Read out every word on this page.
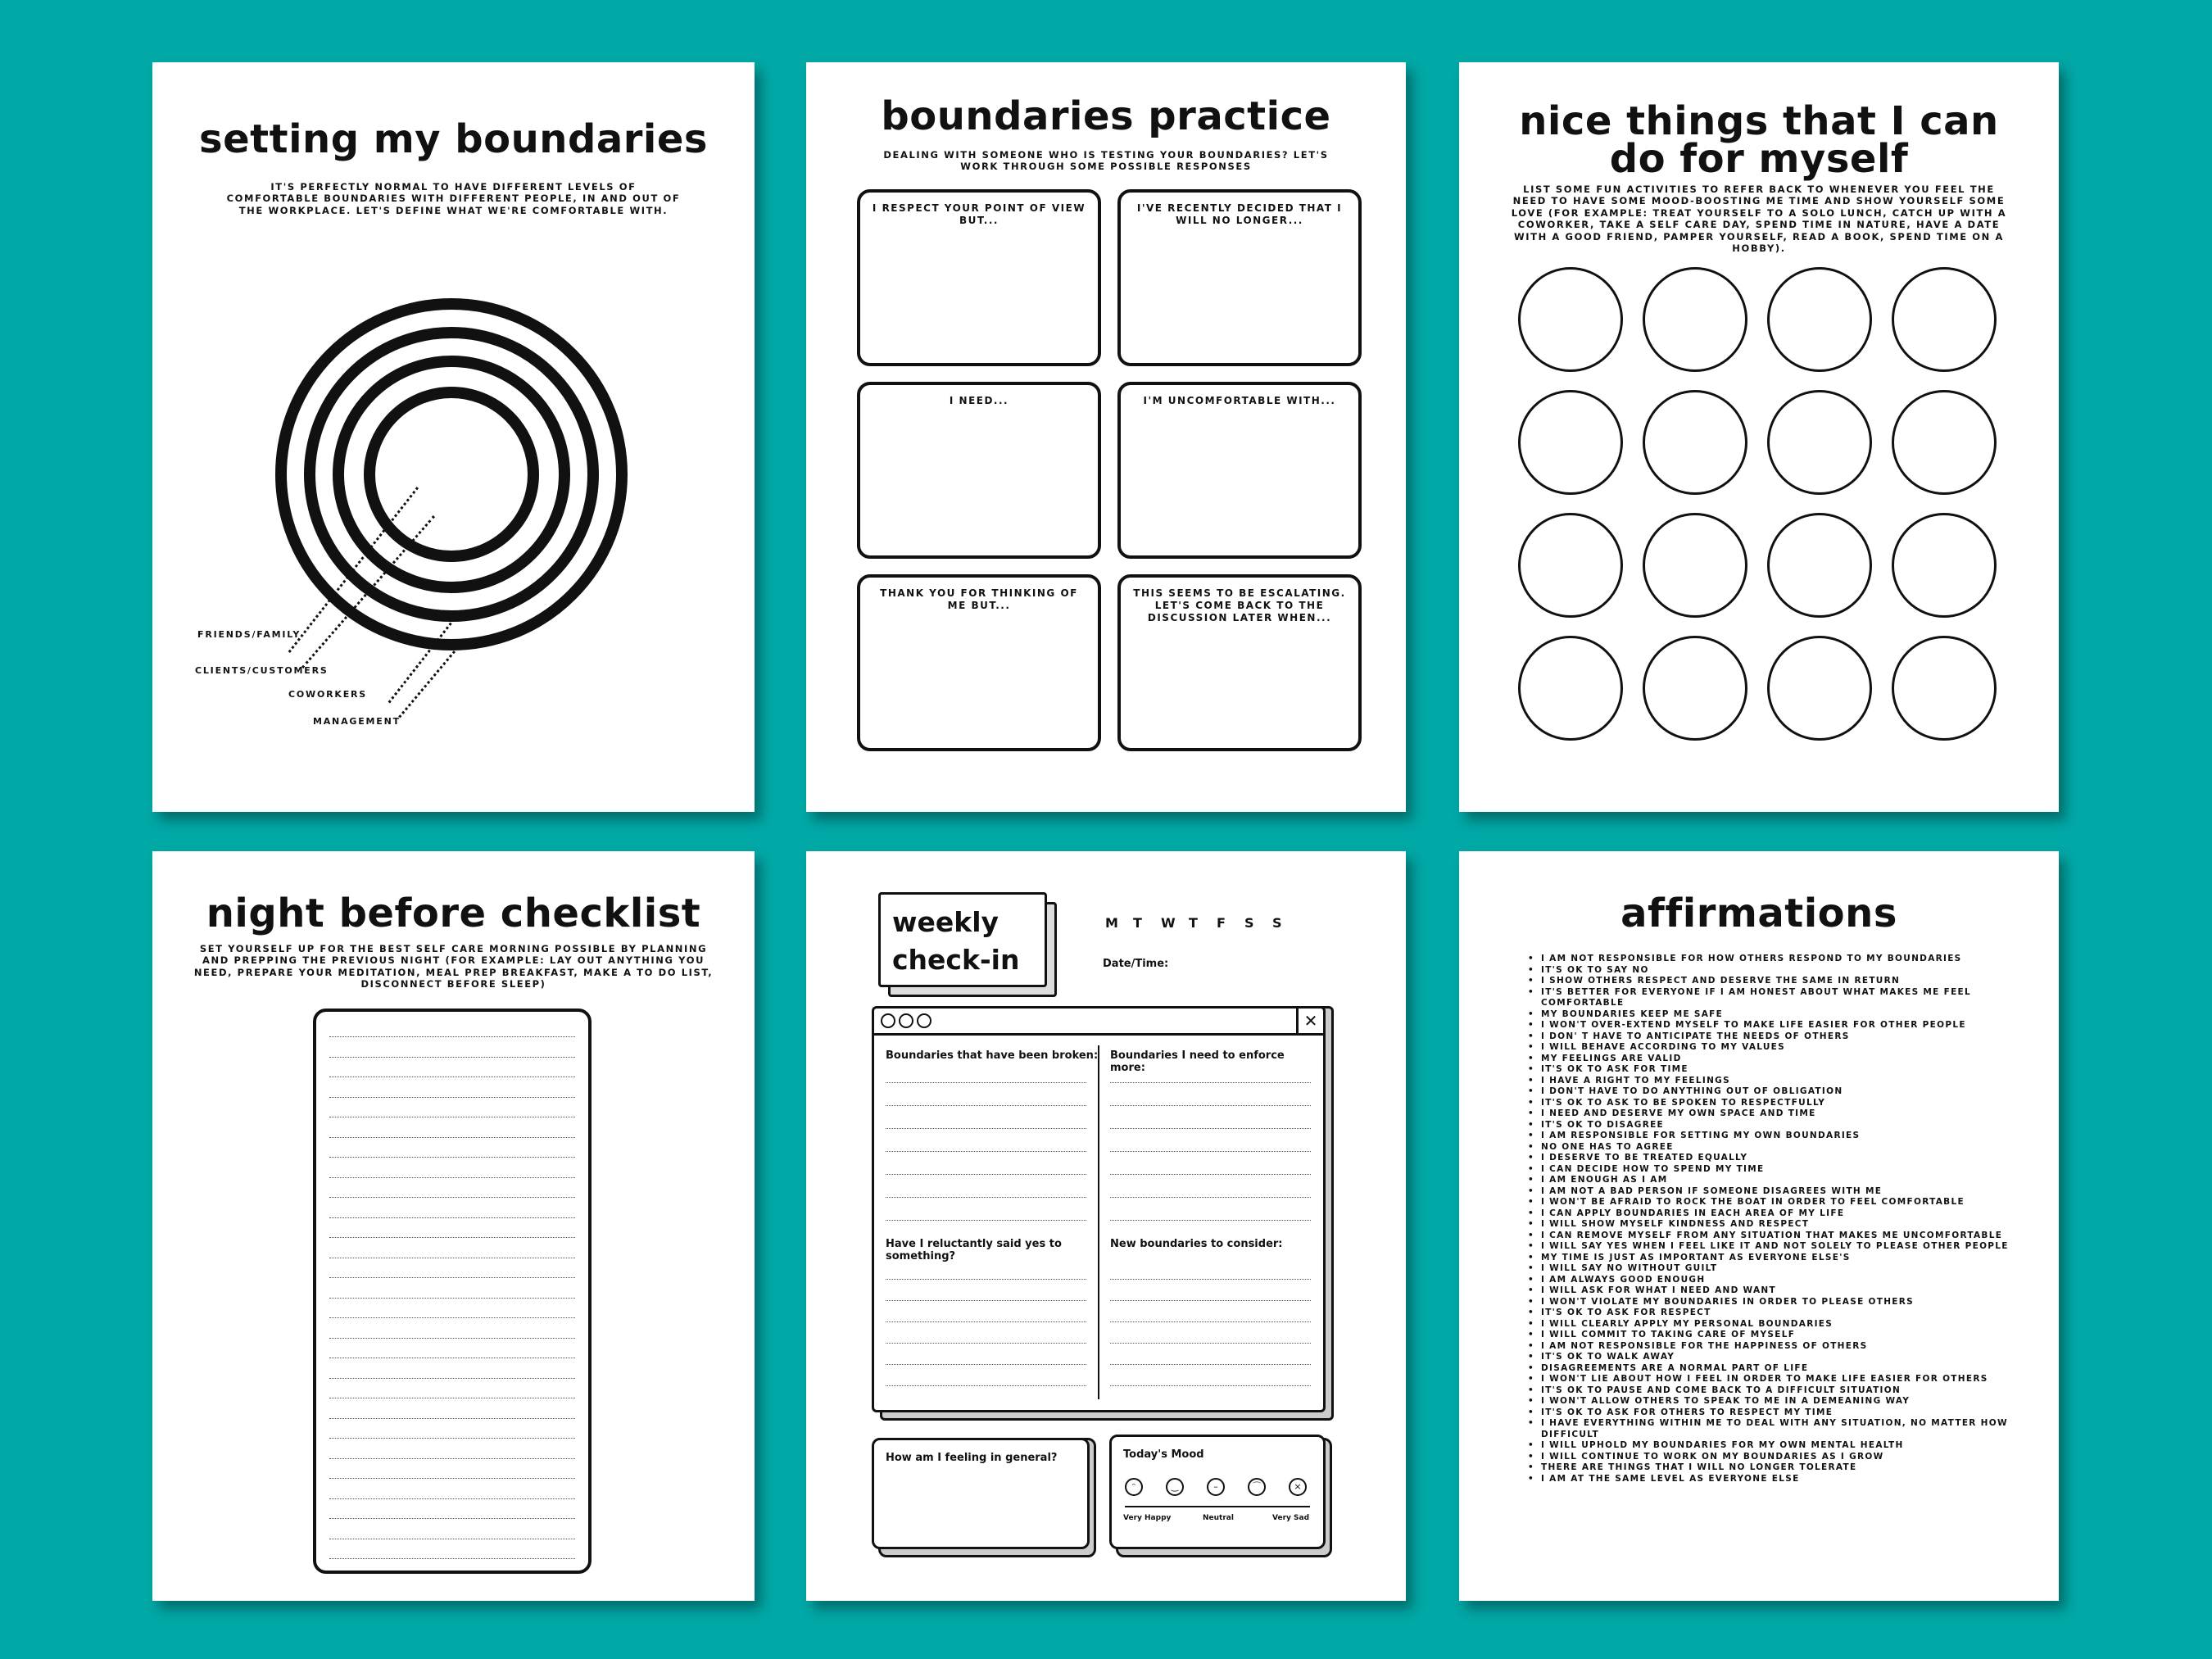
setting my boundaries
IT'S PERFECTLY NORMAL TO HAVE DIFFERENT LEVELS OF COMFORTABLE BOUNDARIES WITH DIFFERENT PEOPLE, IN AND OUT OF THE WORKPLACE. LET'S DEFINE WHAT WE'RE COMFORTABLE WITH.
FRIENDS/FAMILY
CLIENTS/CUSTOMERS
COWORKERS
MANAGEMENT
boundaries practice
DEALING WITH SOMEONE WHO IS TESTING YOUR BOUNDARIES? LET'S WORK THROUGH SOME POSSIBLE RESPONSES
I RESPECT YOUR POINT OF VIEW BUT...
I'VE RECENTLY DECIDED THAT I WILL NO LONGER...
I NEED...	I'M UNCOMFORTABLE WITH...
THANK YOU FOR THINKING OF ME BUT...
THIS SEEMS TO BE ESCALATING. LET'S COME BACK TO THE DISCUSSION LATER WHEN...
nice things that I can do for myself
LIST SOME FUN ACTIVITIES TO REFER BACK TO WHENEVER YOU FEEL THE NEED TO HAVE SOME MOOD-BOOSTING ME TIME AND SHOW YOURSELF SOME LOVE (FOR EXAMPLE: TREAT YOURSELF TO A SOLO LUNCH, CATCH UP WITH A COWORKER, TAKE A SELF CARE DAY, SPEND TIME IN NATURE, HAVE A DATE WITH A GOOD FRIEND, PAMPER YOURSELF, READ A BOOK, SPEND TIME ON A HOBBY).
night before checklist
SET YOURSELF UP FOR THE BEST SELF CARE MORNING POSSIBLE BY PLANNING AND PREPPING THE PREVIOUS NIGHT (FOR EXAMPLE: LAY OUT ANYTHING YOU NEED, PREPARE YOUR MEDITATION, MEAL PREP BREAKFAST, MAKE A TO DO LIST, DISCONNECT BEFORE SLEEP)
weekly
check-in
M T W T F S S
Date/Time:
✕
Boundaries that have been broken: Boundaries I need to enforce more:
Have I reluctantly said yes to something?
New boundaries to consider:
How am I feeling in general?	Today's Mood
ᵔ	‿	–	⌒	×
Very Happy	Neutral	Very Sad
affirmations
• I AM NOT RESPONSIBLE FOR HOW OTHERS RESPOND TO MY BOUNDARIES
• IT'S OK TO SAY NO
• I SHOW OTHERS RESPECT AND DESERVE THE SAME IN RETURN
• IT'S BETTER FOR EVERYONE IF I AM HONEST ABOUT WHAT MAKES ME FEEL COMFORTABLE
• MY BOUNDARIES KEEP ME SAFE
• I WON'T OVER-EXTEND MYSELF TO MAKE LIFE EASIER FOR OTHER PEOPLE
• I DON' T HAVE TO ANTICIPATE THE NEEDS OF OTHERS
• I WILL BEHAVE ACCORDING TO MY VALUES
• MY FEELINGS ARE VALID
• IT'S OK TO ASK FOR TIME
• I HAVE A RIGHT TO MY FEELINGS
• I DON'T HAVE TO DO ANYTHING OUT OF OBLIGATION
• IT'S OK TO ASK TO BE SPOKEN TO RESPECTFULLY
• I NEED AND DESERVE MY OWN SPACE AND TIME
• IT'S OK TO DISAGREE
• I AM RESPONSIBLE FOR SETTING MY OWN BOUNDARIES
• NO ONE HAS TO AGREE
• I DESERVE TO BE TREATED EQUALLY
• I CAN DECIDE HOW TO SPEND MY TIME
• I AM ENOUGH AS I AM
• I AM NOT A BAD PERSON IF SOMEONE DISAGREES WITH ME
• I WON'T BE AFRAID TO ROCK THE BOAT IN ORDER TO FEEL COMFORTABLE
• I CAN APPLY BOUNDARIES IN EACH AREA OF MY LIFE
• I WILL SHOW MYSELF KINDNESS AND RESPECT
• I CAN REMOVE MYSELF FROM ANY SITUATION THAT MAKES ME UNCOMFORTABLE
• I WILL SAY YES WHEN I FEEL LIKE IT AND NOT SOLELY TO PLEASE OTHER PEOPLE
• MY TIME IS JUST AS IMPORTANT AS EVERYONE ELSE'S
• I WILL SAY NO WITHOUT GUILT
• I AM ALWAYS GOOD ENOUGH
• I WILL ASK FOR WHAT I NEED AND WANT
• I WON'T VIOLATE MY BOUNDARIES IN ORDER TO PLEASE OTHERS
• IT'S OK TO ASK FOR RESPECT
• I WILL CLEARLY APPLY MY PERSONAL BOUNDARIES
• I WILL COMMIT TO TAKING CARE OF MYSELF
• I AM NOT RESPONSIBLE FOR THE HAPPINESS OF OTHERS
• IT'S OK TO WALK AWAY
• DISAGREEMENTS ARE A NORMAL PART OF LIFE
• I WON'T LIE ABOUT HOW I FEEL IN ORDER TO MAKE LIFE EASIER FOR OTHERS
• IT'S OK TO PAUSE AND COME BACK TO A DIFFICULT SITUATION
• I WON'T ALLOW OTHERS TO SPEAK TO ME IN A DEMEANING WAY
• IT'S OK TO ASK FOR OTHERS TO RESPECT MY TIME
• I HAVE EVERYTHING WITHIN ME TO DEAL WITH ANY SITUATION, NO MATTER HOW DIFFICULT
• I WILL UPHOLD MY BOUNDARIES FOR MY OWN MENTAL HEALTH
• I WILL CONTINUE TO WORK ON MY BOUNDARIES AS I GROW
• THERE ARE THINGS THAT I WILL NO LONGER TOLERATE
• I AM AT THE SAME LEVEL AS EVERYONE ELSE
